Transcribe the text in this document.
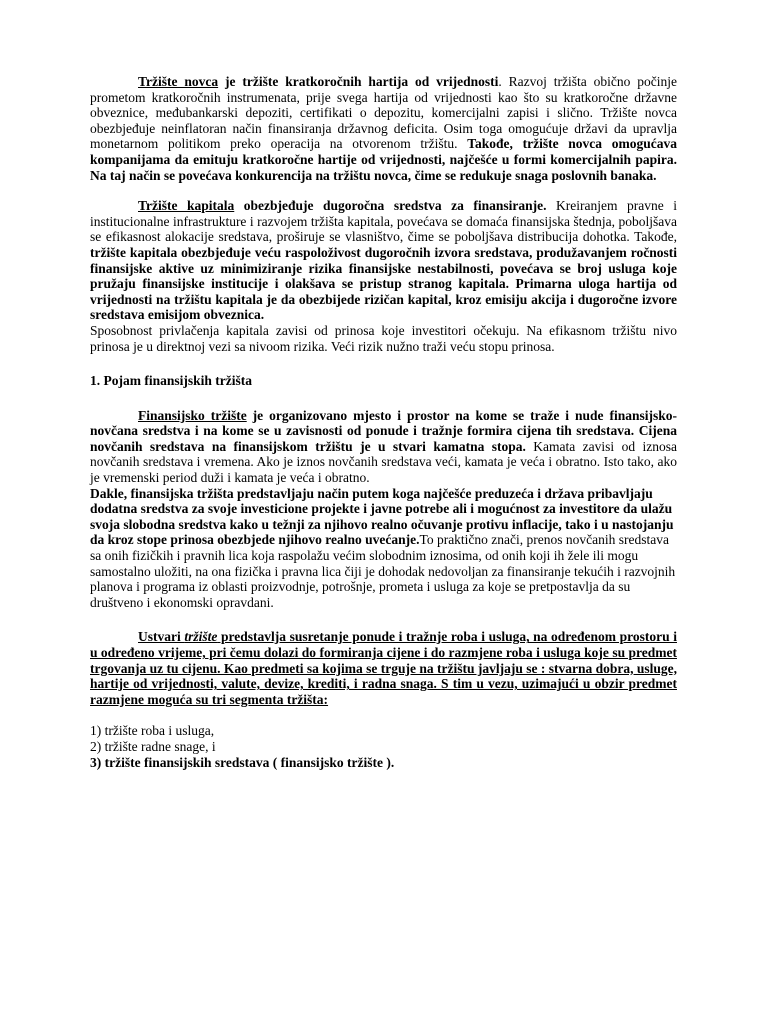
Tržište novca je tržište kratkoročnih hartija od vrijednosti. Razvoj tržišta obično počinje prometom kratkoročnih instrumenata, prije svega hartija od vrijednosti kao što su kratkoročne državne obveznice, međubankarski depoziti, certifikati o depozitu, komercijalni zapisi i slično. Tržište novca obezbjeđuje neinflatoran način finansiranja državnog deficita. Osim toga omogućuje državi da upravlja monetarnom politikom preko operacija na otvorenom tržištu. Takođe, tržište novca omogućava kompanijama da emituju kratkoročne hartije od vrijednosti, najčešće u formi komercijalnih papira. Na taj način se povećava konkurencija na tržištu novca, čime se redukuje snaga poslovnih banaka.

Tržište kapitala obezbjeđuje dugoročna sredstva za finansiranje. Kreiranjem pravne i institucionalne infrastrukture i razvojem tržišta kapitala, povećava se domaća finansijska štednja, poboljšava se efikasnost alokacije sredstava, proširuje se vlasništvo, čime se poboljšava distribucija dohotka. Takođe, tržište kapitala obezbjeđuje veću raspoloživost dugoročnih izvora sredstava, produžavanjem ročnosti finansijske aktive uz minimiziranje rizika finansijske nestabilnosti, povećava se broj usluga koje pružaju finansijske institucije i olakšava se pristup stranog kapitala. Primarna uloga hartija od vrijednosti na tržištu kapitala je da obezbijede rizičan kapital, kroz emisiju akcija i dugoročne izvore sredstava emisijom obveznica.

Sposobnost privlačenja kapitala zavisi od prinosa koje investitori očekuju. Na efikasnom tržištu nivo prinosa je u direktnoj vezi sa nivoom rizika. Veći rizik nužno traži veću stopu prinosa.

1. Pojam finansijskih tržišta

Finansijsko tržište je organizovano mjesto i prostor na kome se traže i nude finansijsko-novčana sredstva i na kome se u zavisnosti od ponude i tražnje formira cijena tih sredstava. Cijena novčanih sredstava na finansijskom tržištu je u stvari kamatna stopa. Kamata zavisi od iznosa novčanih sredstava i vremena. Ako je iznos novčanih sredstava veći, kamata je veća i obratno. Isto tako, ako je vremenski period duži i kamata je veća i obratno.

Dakle, finansijska tržišta predstavljaju način putem koga najčešće preduzeća i država pribavljaju dodatna sredstva za svoje investicione projekte i javne potrebe ali i mogućnost za investitore da ulažu svoja slobodna sredstva kako u težnji za njihovo realno očuvanje protivu inflacije, tako i u nastojanju da kroz stope prinosa obezbjede njihovo realno uvećanje.To praktično znači, prenos novčanih sredstava sa onih fizičkih i pravnih lica koja raspolažu većim slobodnim iznosima, od onih koji ih žele ili mogu samostalno uložiti, na ona fizička i pravna lica čiji je dohodak nedovoljan za finansiranje tekućih i razvojnih planova i programa iz oblasti proizvodnje, potrošnje, prometa i usluga za koje se pretpostavlja da su društveno i ekonomski opravdani.

Ustvari tržište predstavlja susretanje ponude i tražnje roba i usluga, na određenom prostoru i u određeno vrijeme, pri čemu dolazi do formiranja cijene i do razmjene roba i usluga koje su predmet trgovanja uz tu cijenu. Kao predmeti sa kojima se trguje na tržištu javljaju se : stvarna dobra, usluge, hartije od vrijednosti, valute, devize, krediti, i radna snaga. S tim u vezu, uzimajući u obzir predmet razmjene moguća su tri segmenta tržišta:

1) tržište roba i usluga,

2) tržište radne snage, i

3) tržište finansijskih sredstava ( finansijsko tržište ).
